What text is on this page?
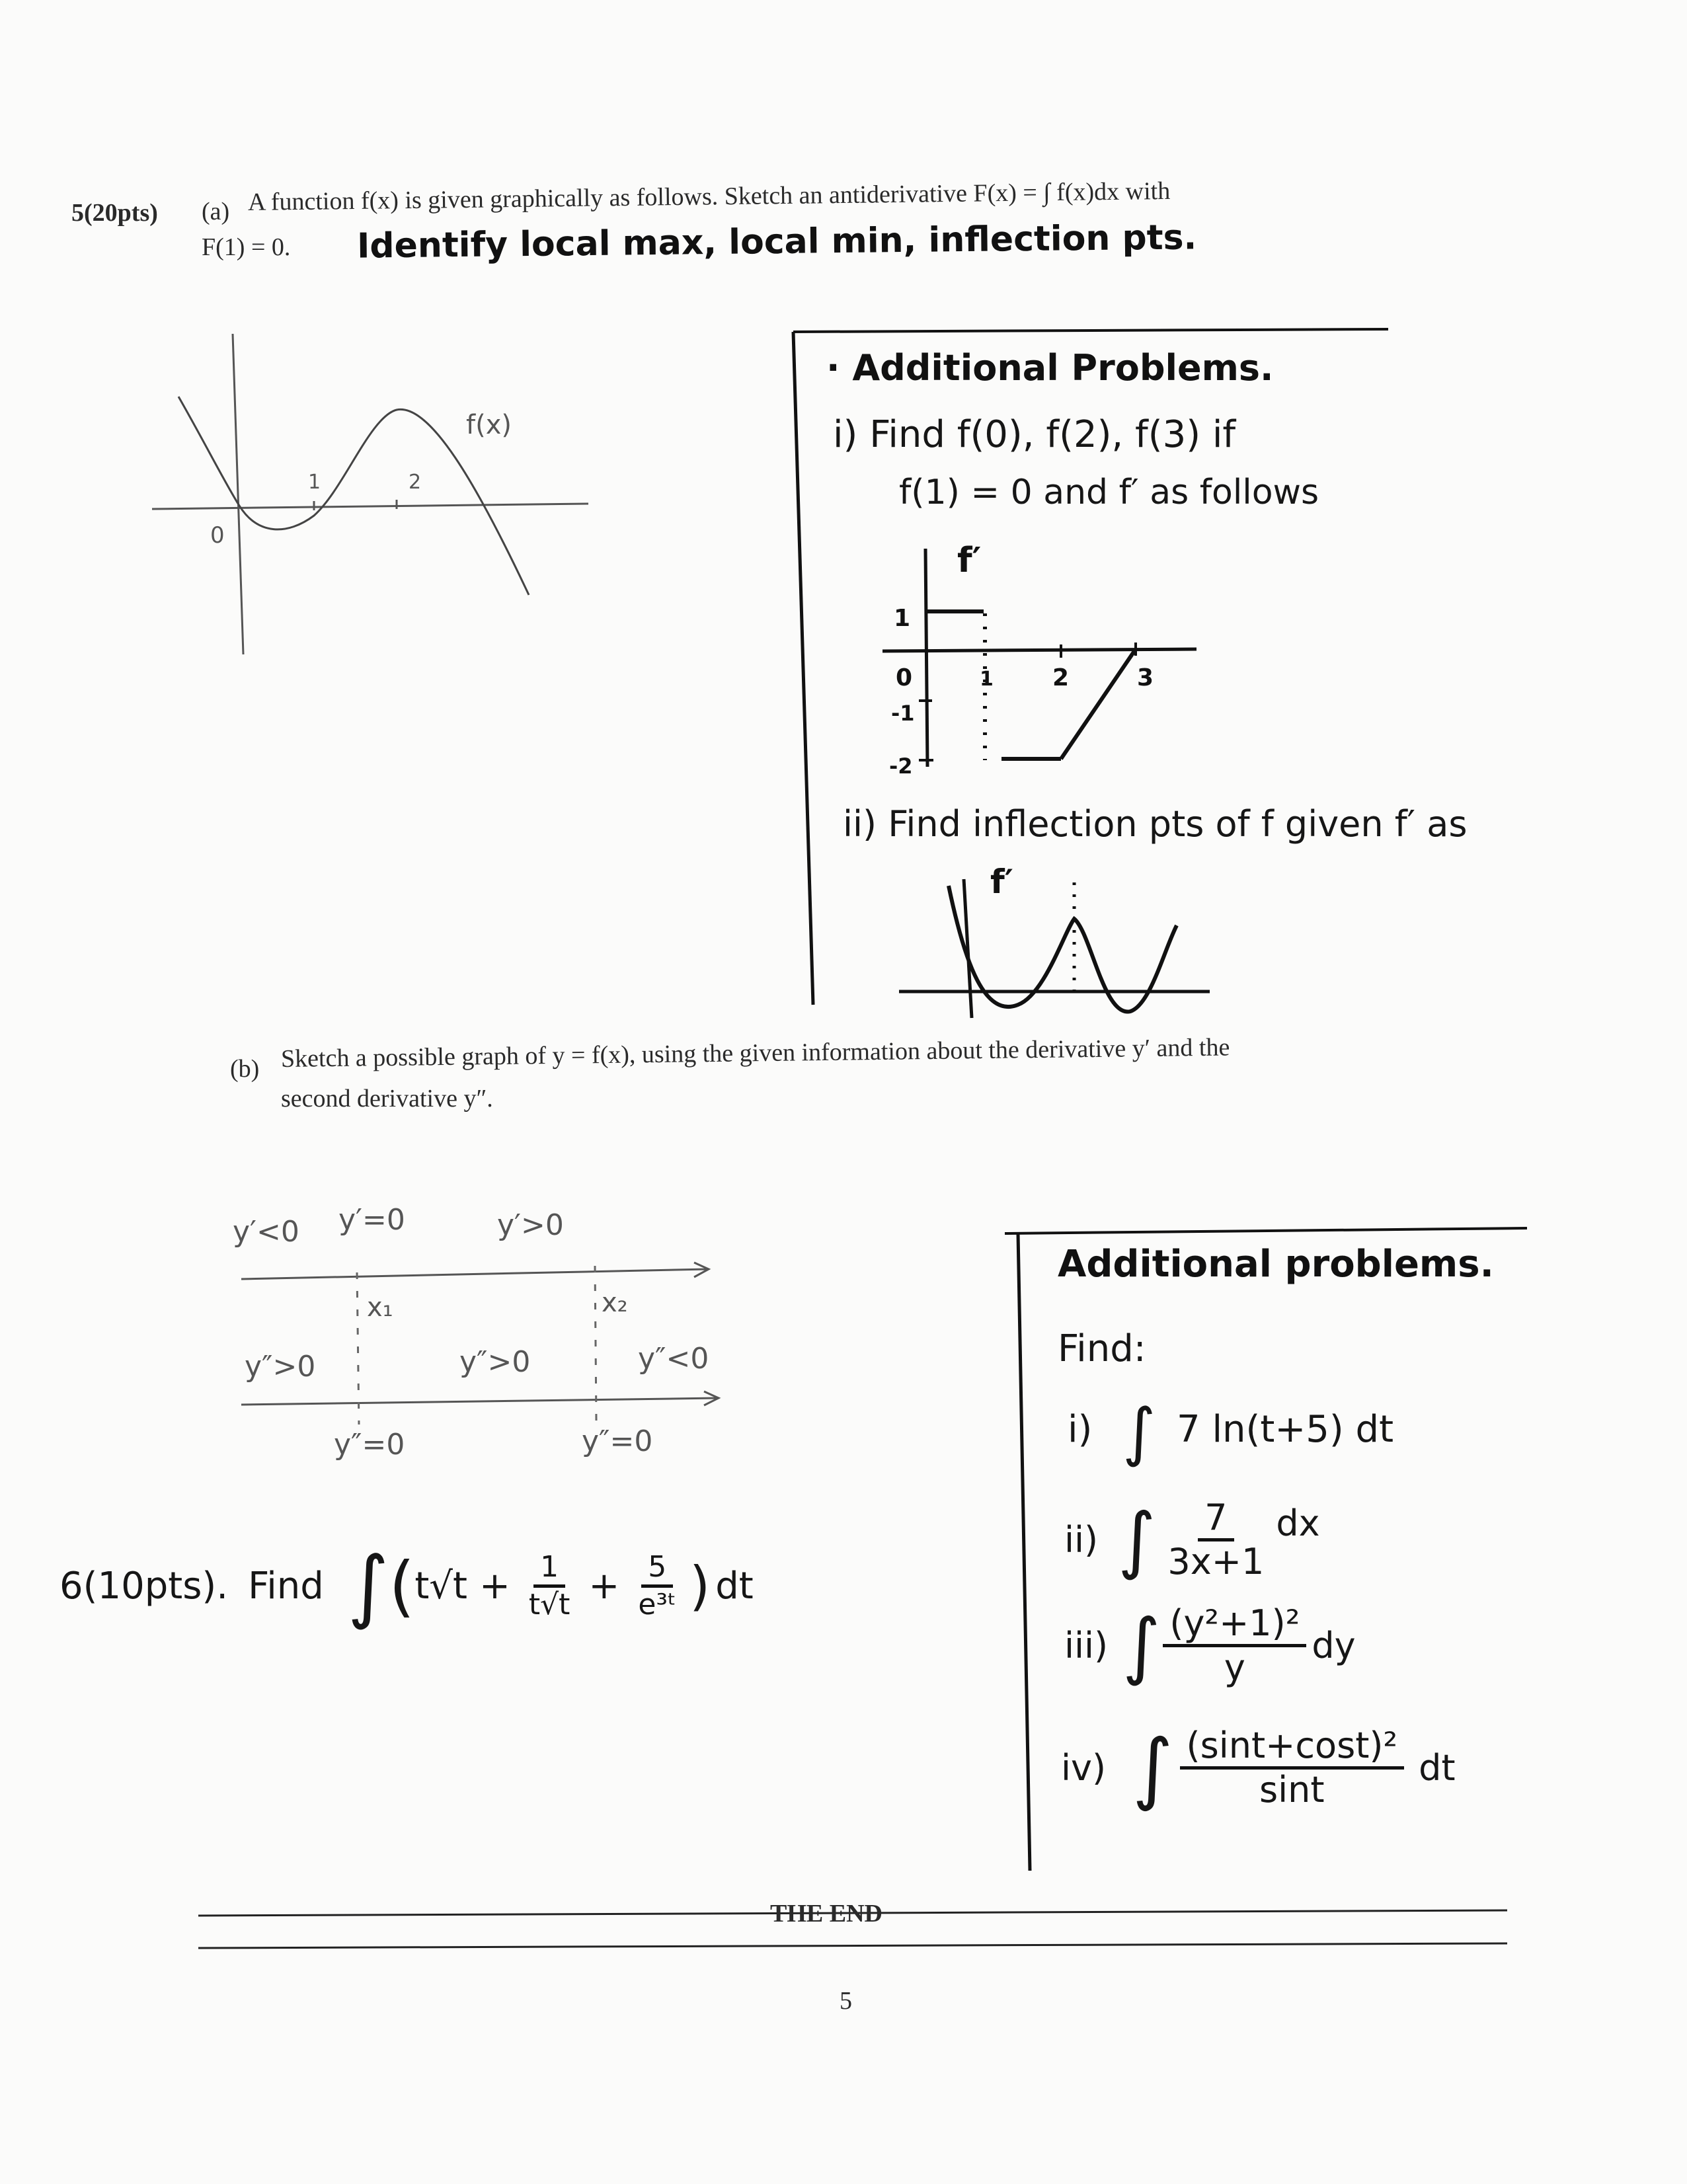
5(20pts) (a) A function f(x) is given graphically as follows. Sketch an antiderivative F(x) = ∫ f(x)dx with
F(1) = 0. Identify local max, local min, inflection pts.
f(x)
0
1	2
· Additional Problems.
i) Find f(0), f(2), f(3) if
f(1) = 0 and f′ as follows
f′
1
-1
-2
0	1 2	3
ii) Find inflection pts of f given f′ as
f′
(b) Sketch a possible graph of y = f(x), using the given information about the derivative y′ and the
second derivative y″.
y′<0 y′=0	y′>0
x₁	x₂
y″>0	y″>0	y″<0
y″=0	y″=0
Additional problems.
Find:
i) ∫ 7 ln(t+5) dt
ii) ∫ $\frac{7}{3x+1}$ dx
iii) ∫ $\frac{\text{(y²+1)²}}{y}$ dy
iv) ∫ $\frac{\text{(sint+cost)²}}{\sin t}$ dt
6(10pts). Find ∫ ( $t√t + \frac{1}{t√t} + \frac{5}{\text{e³ᵗ}}$ ) dt
THE END
5
